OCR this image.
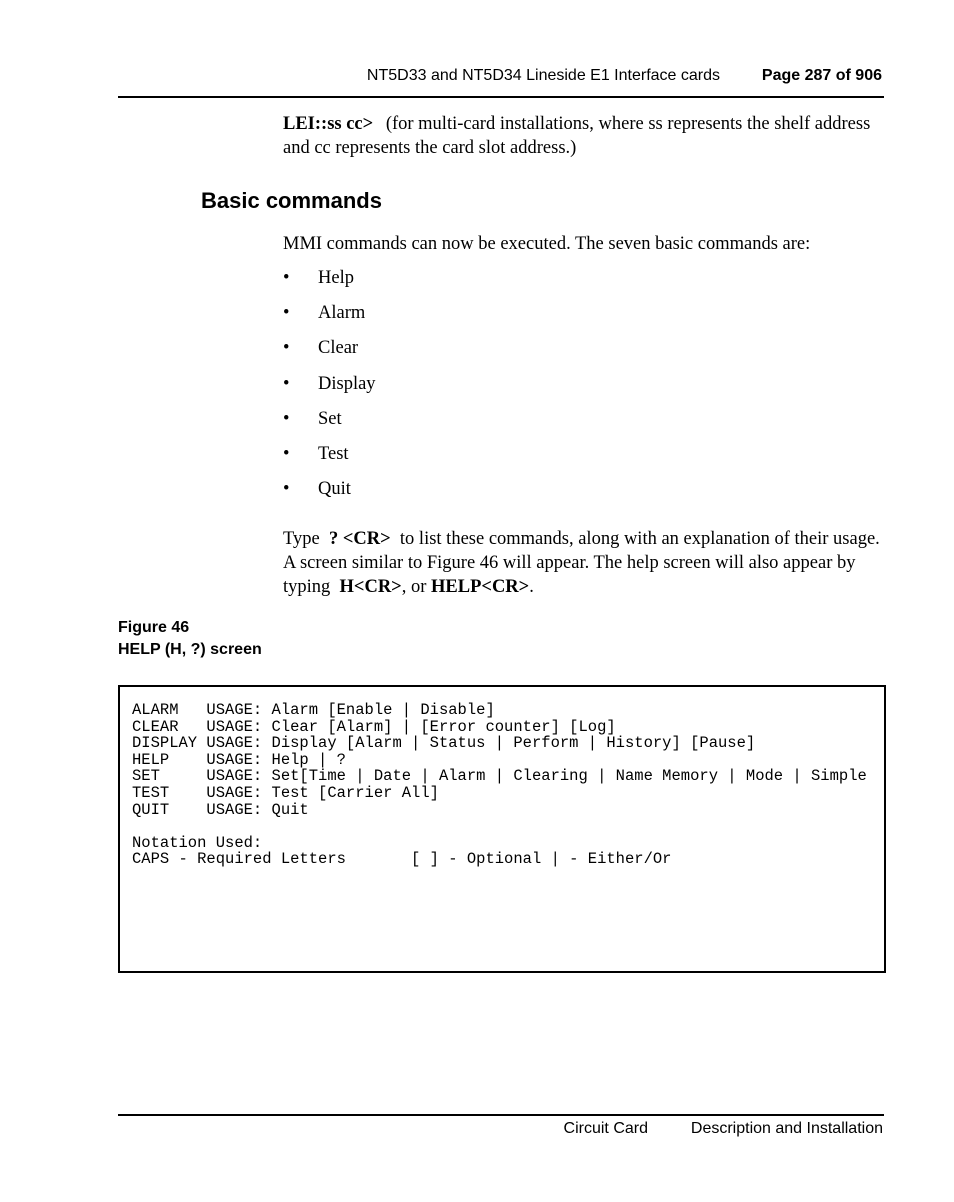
NT5D33 and NT5D34 Lineside E1 Interface cards	Page 287 of 906
LEI::ss cc> (for multi-card installations, where ss represents the shelf address and cc represents the card slot address.)
Basic commands
MMI commands can now be executed. The seven basic commands are:
• Help
• Alarm
• Clear
• Display
• Set
• Test
• Quit
Type ? <CR> to list these commands, along with an explanation of their usage. A screen similar to Figure 46 will appear. The help screen will also appear by typing H<CR>, or HELP<CR>.
Figure 46
HELP (H, ?) screen
ALARM   USAGE: Alarm [Enable | Disable]
CLEAR   USAGE: Clear [Alarm] | [Error counter] [Log]
DISPLAY USAGE: Display [Alarm | Status | Perform | History] [Pause]
HELP    USAGE: Help | ?
SET     USAGE: Set[Time | Date | Alarm | Clearing | Name Memory | Mode | Simple
TEST    USAGE: Test [Carrier All]
QUIT    USAGE: Quit
Notation Used:
CAPS - Required Letters       [ ] - Optional | - Either/Or
Circuit Card	Description and Installation
